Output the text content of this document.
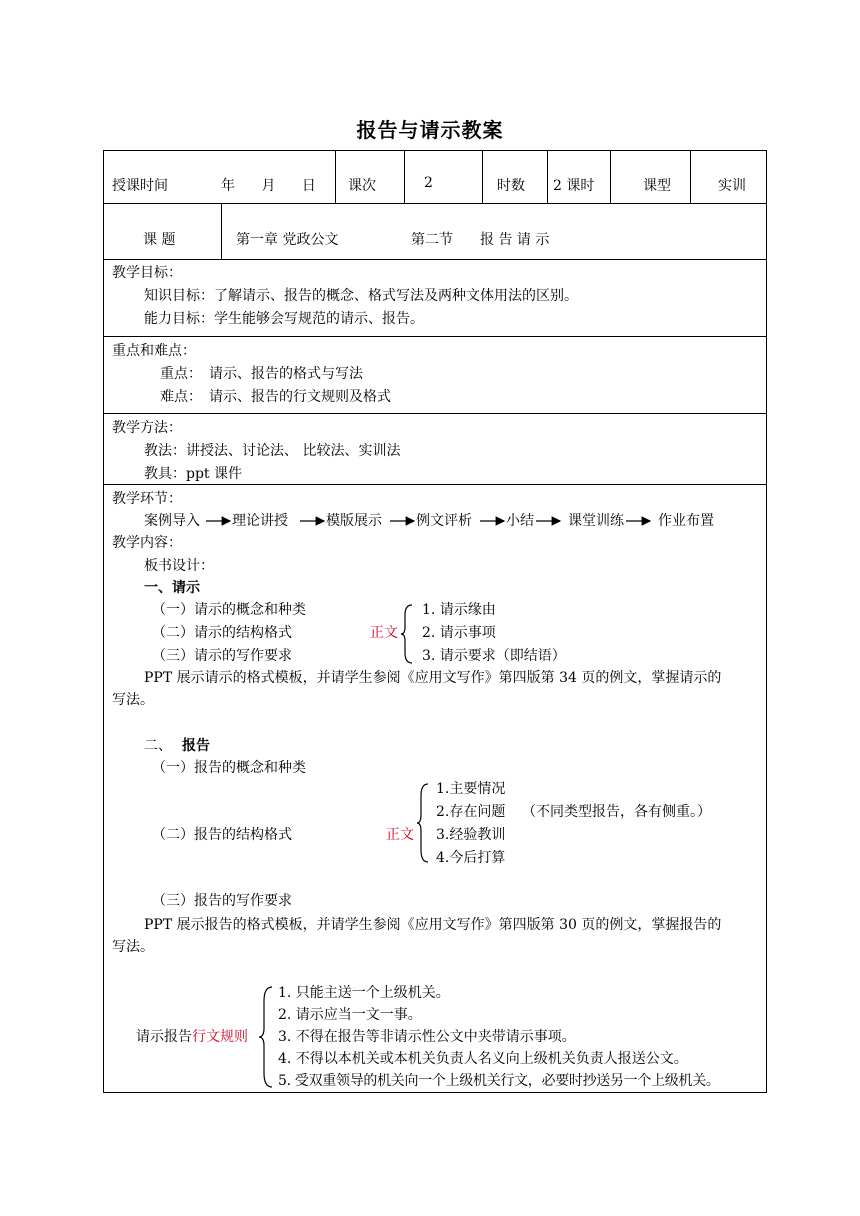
报告与请示教案
授课时间	年 月 日 课次	2	时数 2 课时	课型	实训
课 题	第一章 党政公文	第二节 报 告 请 示
教学目标：
知识目标：了解请示、报告的概念、格式写法及两种文体用法的区别。
能力目标：学生能够会写规范的请示、报告。
重点和难点：
重点：　请示、报告的格式与写法
难点：　请示、报告的行文规则及格式
教学方法：
教法：讲授法、讨论法、 比较法、实训法
教具：ppt 课件
教学环节：
案例导入 理论讲授	模版展示 例文评析 小结 课堂训练 作业布置
教学内容：
板书设计：
一、请示
（一）请示的概念和种类
（二）请示的结构格式
（三）请示的写作要求
正文
1. 请示缘由
2. 请示事项
3. 请示要求（即结语）
PPT 展示请示的格式模板，并请学生参阅《应用文写作》第四版第 34 页的例文，掌握请示的
写法。
二、 报告
（一）报告的概念和种类
（二）报告的结构格式	正文
1.主要情况
2.存在问题 （不同类型报告，各有侧重。）
3.经验教训
4.今后打算
（三）报告的写作要求
PPT 展示报告的格式模板，并请学生参阅《应用文写作》第四版第 30 页的例文，掌握报告的
写法。
请示报告行文规则
1. 只能主送一个上级机关。
2. 请示应当一文一事。
3. 不得在报告等非请示性公文中夹带请示事项。
4. 不得以本机关或本机关负责人名义向上级机关负责人报送公文。
5. 受双重领导的机关向一个上级机关行文，必要时抄送另一个上级机关。
